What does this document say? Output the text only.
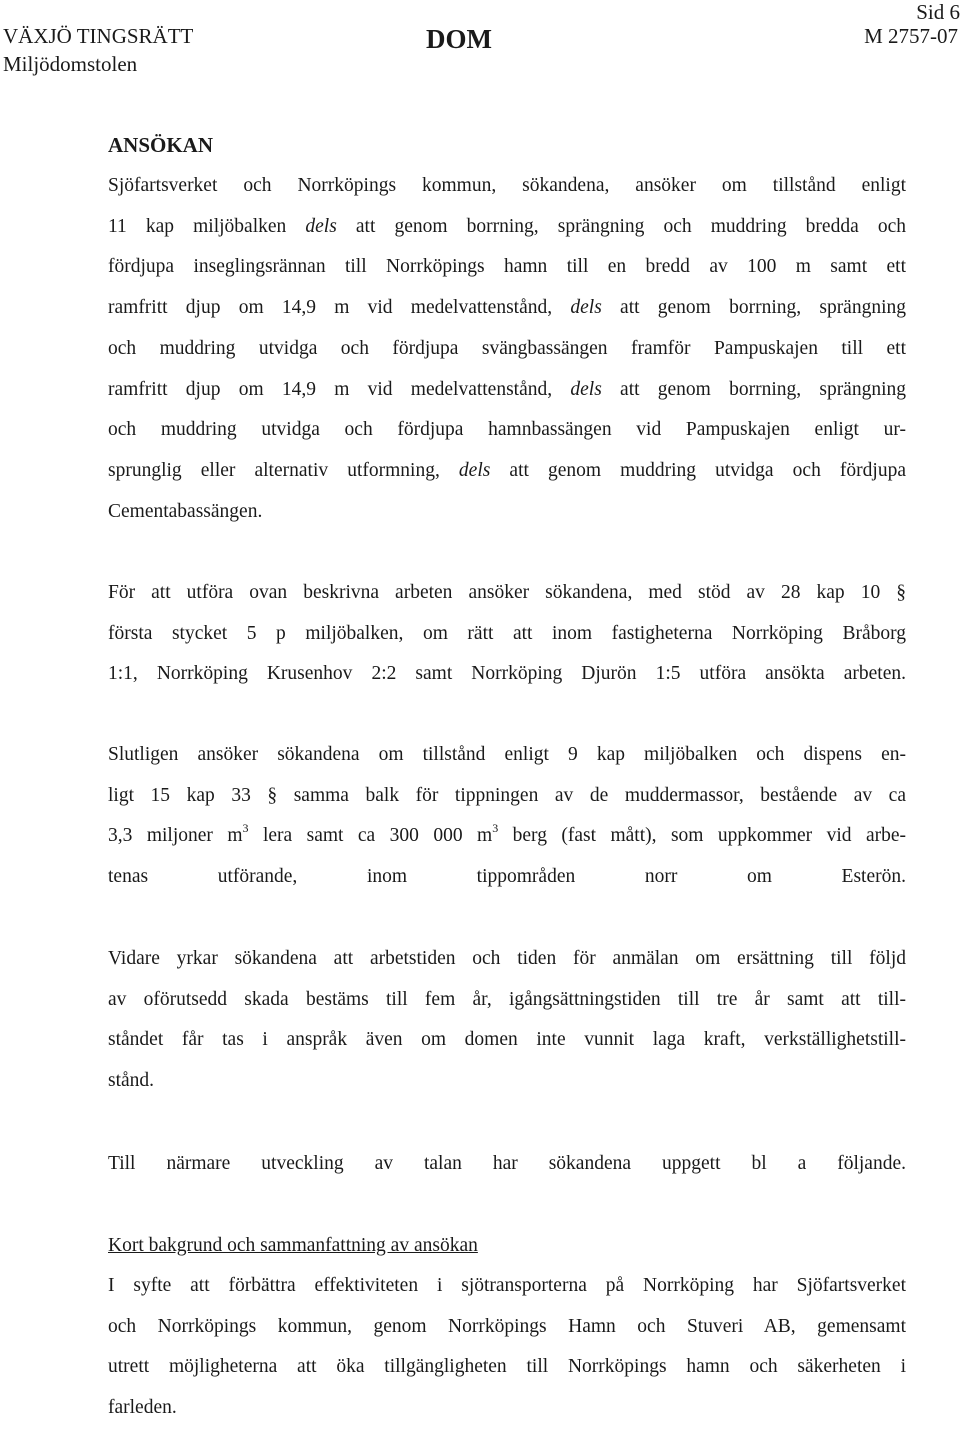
VÄXJÖ TINGSRÄTT
Miljödomstolen
DOM
Sid 6
M 2757-07
ANSÖKAN
Sjöfartsverket och Norrköpings kommun, sökandena, ansöker om tillstånd enligt
11 kap miljöbalken dels att genom borrning, sprängning och muddring bredda och
fördjupa inseglingsrännan till Norrköpings hamn till en bredd av 100 m samt ett
ramfritt djup om 14,9 m vid medelvattenstånd, dels att genom borrning, sprängning
och muddring utvidga och fördjupa svängbassängen framför Pampuskajen till ett
ramfritt djup om 14,9 m vid medelvattenstånd, dels att genom borrning, sprängning
och muddring utvidga och fördjupa hamnbassängen vid Pampuskajen enligt ur-
sprunglig eller alternativ utformning, dels att genom muddring utvidga och fördjupa
Cementabassängen.
För att utföra ovan beskrivna arbeten ansöker sökandena, med stöd av 28 kap 10 §
första stycket 5 p miljöbalken, om rätt att inom fastigheterna Norrköping Bråborg
1:1, Norrköping Krusenhov 2:2 samt Norrköping Djurön 1:5 utföra ansökta arbeten.
Slutligen ansöker sökandena om tillstånd enligt 9 kap miljöbalken och dispens en-
ligt 15 kap 33 § samma balk för tippningen av de muddermassor, bestående av ca
3,3 miljoner $m^3$ lera samt ca 300 000 $m^3$ berg (fast mått), som uppkommer vid arbe-
tenas utförande, inom tippområden norr om Esterön.
Vidare yrkar sökandena att arbetstiden och tiden för anmälan om ersättning till följd
av oförutsedd skada bestäms till fem år, igångsättningstiden till tre år samt att till-
ståndet får tas i anspråk även om domen inte vunnit laga kraft, verkställighetstill-
stånd.
Till närmare utveckling av talan har sökandena uppgett bl a följande.
Kort bakgrund och sammanfattning av ansökan
I syfte att förbättra effektiviteten i sjötransporterna på Norrköping har Sjöfartsverket
och Norrköpings kommun, genom Norrköpings Hamn och Stuveri AB, gemensamt
utrett möjligheterna att öka tillgängligheten till Norrköpings hamn och säkerheten i
farleden.
